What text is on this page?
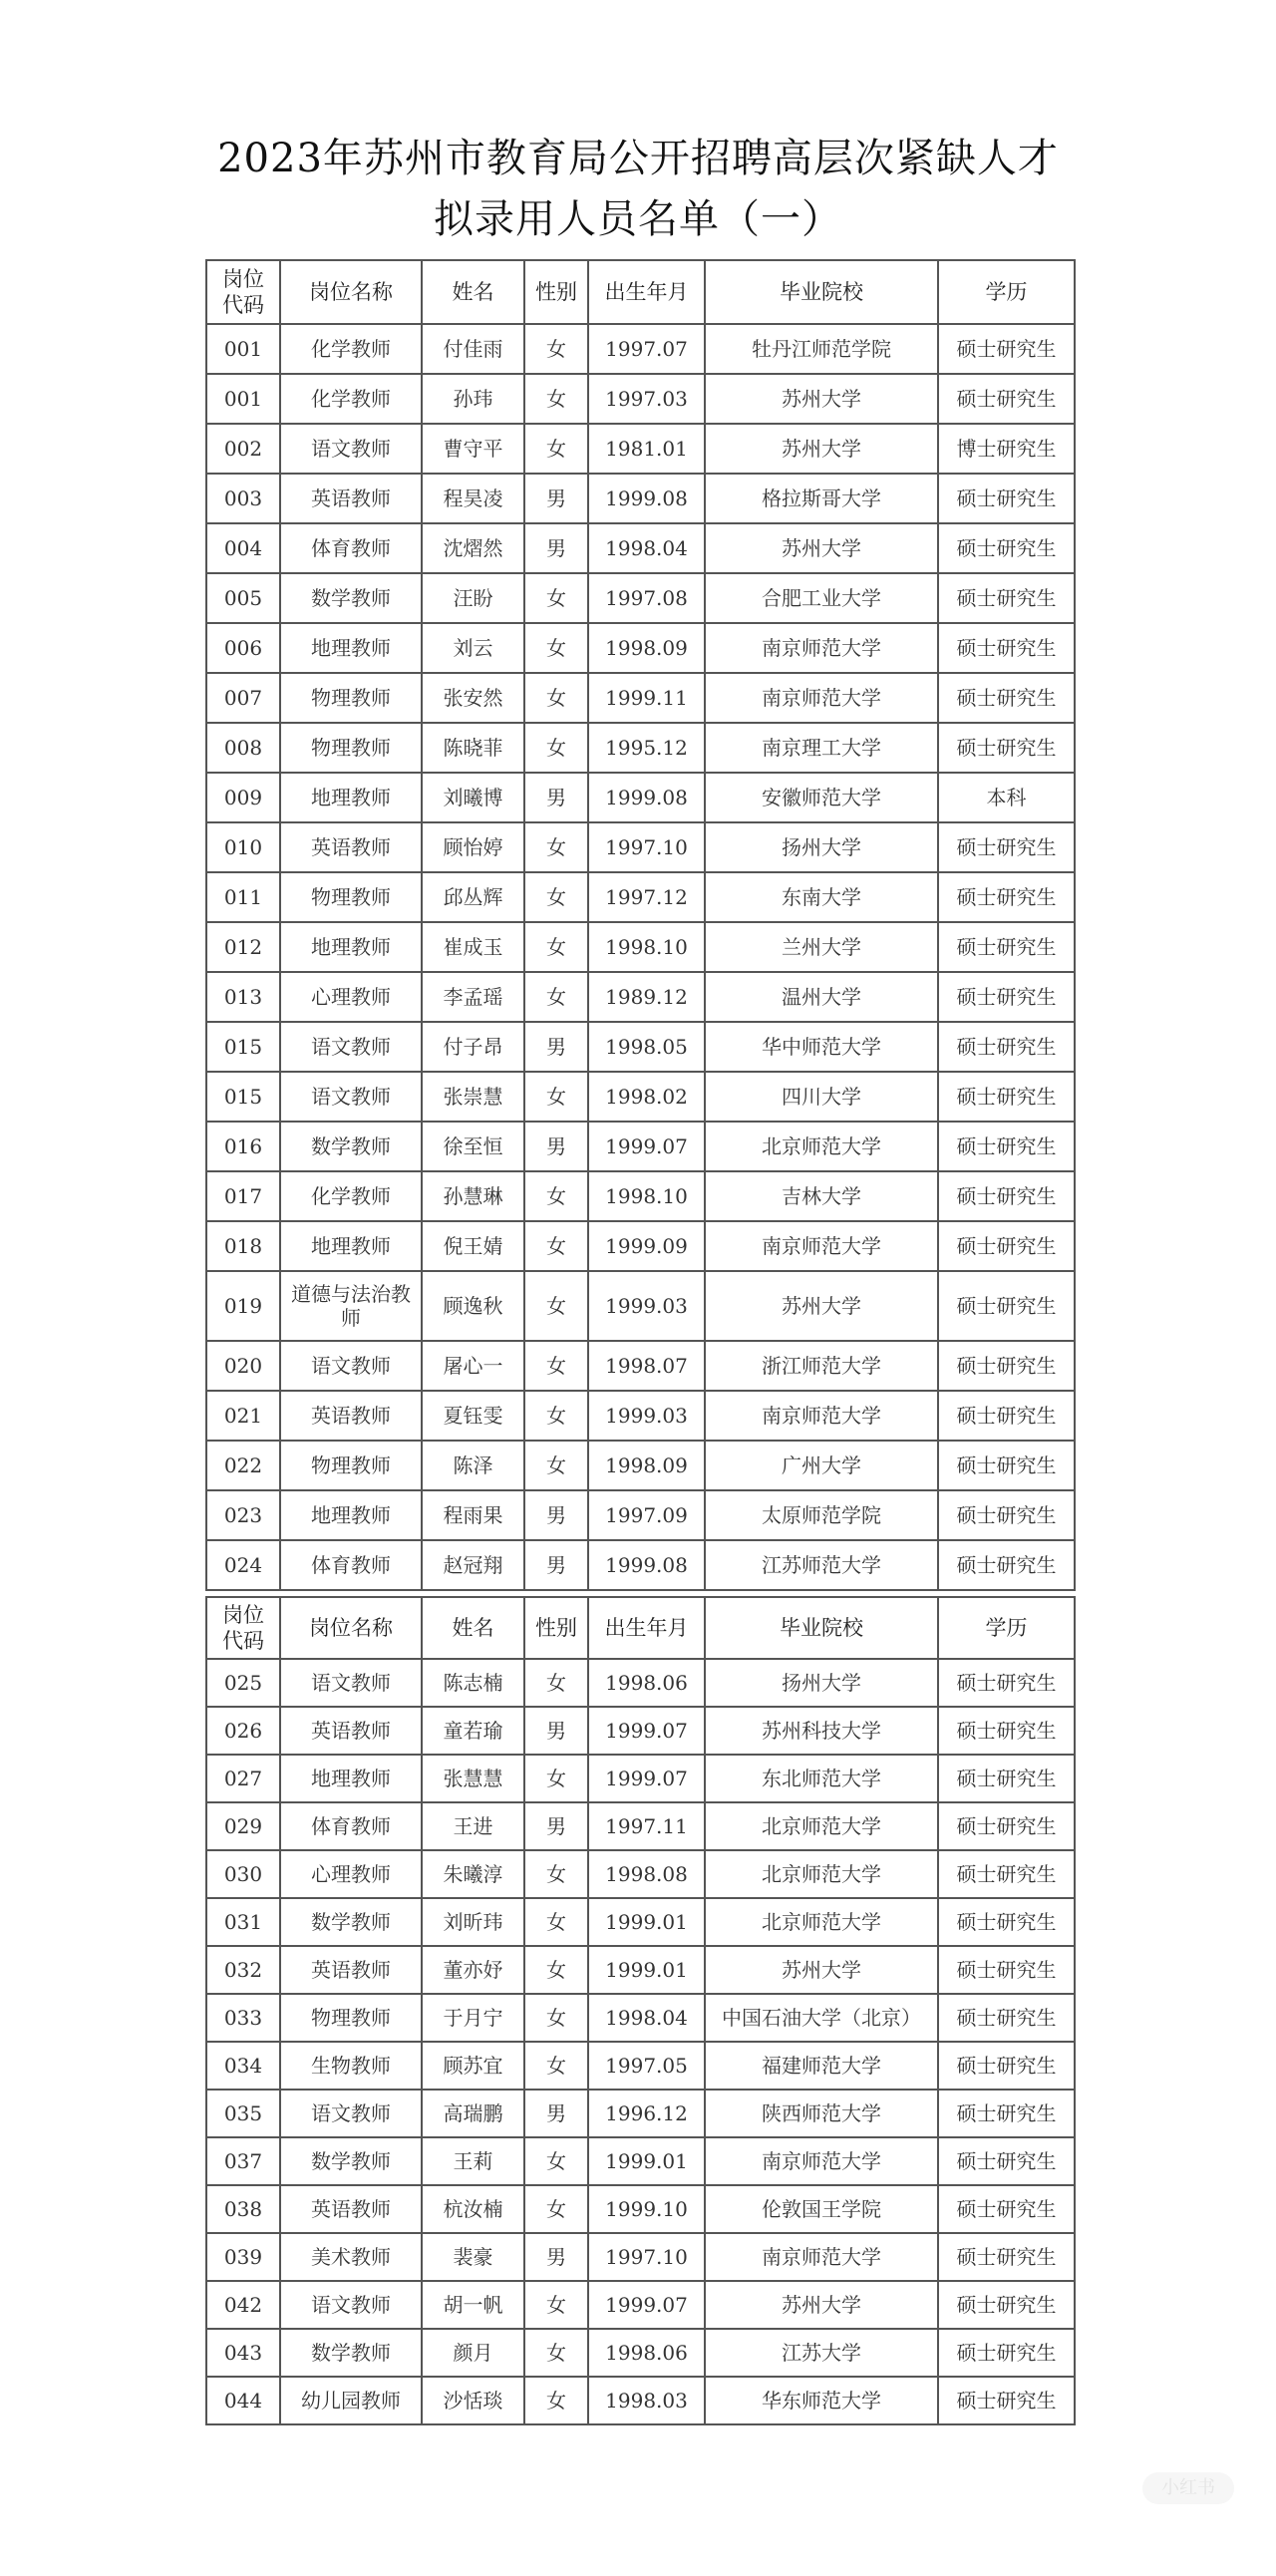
2023年苏州市教育局公开招聘高层次紧缺人才
拟录用人员名单（一）
岗位代码	岗位名称	姓名	性别	出生年月	毕业院校	学历
001	化学教师	付佳雨	女	1997.07	牡丹江师范学院	硕士研究生
001	化学教师	孙玮	女	1997.03	苏州大学	硕士研究生
002	语文教师	曹守平	女	1981.01	苏州大学	博士研究生
003	英语教师	程昊凌	男	1999.08	格拉斯哥大学	硕士研究生
004	体育教师	沈熠然	男	1998.04	苏州大学	硕士研究生
005	数学教师	汪盼	女	1997.08	合肥工业大学	硕士研究生
006	地理教师	刘云	女	1998.09	南京师范大学	硕士研究生
007	物理教师	张安然	女	1999.11	南京师范大学	硕士研究生
008	物理教师	陈晓菲	女	1995.12	南京理工大学	硕士研究生
009	地理教师	刘曦博	男	1999.08	安徽师范大学	本科
010	英语教师	顾怡婷	女	1997.10	扬州大学	硕士研究生
011	物理教师	邱丛辉	女	1997.12	东南大学	硕士研究生
012	地理教师	崔成玉	女	1998.10	兰州大学	硕士研究生
013	心理教师	李孟瑶	女	1989.12	温州大学	硕士研究生
015	语文教师	付子昂	男	1998.05	华中师范大学	硕士研究生
015	语文教师	张崇慧	女	1998.02	四川大学	硕士研究生
016	数学教师	徐至恒	男	1999.07	北京师范大学	硕士研究生
017	化学教师	孙慧琳	女	1998.10	吉林大学	硕士研究生
018	地理教师	倪王婧	女	1999.09	南京师范大学	硕士研究生
019	道德与法治教师	顾逸秋	女	1999.03	苏州大学	硕士研究生
020	语文教师	屠心一	女	1998.07	浙江师范大学	硕士研究生
021	英语教师	夏钰雯	女	1999.03	南京师范大学	硕士研究生
022	物理教师	陈泽	女	1998.09	广州大学	硕士研究生
023	地理教师	程雨果	男	1997.09	太原师范学院	硕士研究生
024	体育教师	赵冠翔	男	1999.08	江苏师范大学	硕士研究生
岗位代码	岗位名称	姓名	性别	出生年月	毕业院校	学历
025	语文教师	陈志楠	女	1998.06	扬州大学	硕士研究生
026	英语教师	童若瑜	男	1999.07	苏州科技大学	硕士研究生
027	地理教师	张慧慧	女	1999.07	东北师范大学	硕士研究生
029	体育教师	王进	男	1997.11	北京师范大学	硕士研究生
030	心理教师	朱曦淳	女	1998.08	北京师范大学	硕士研究生
031	数学教师	刘昕玮	女	1999.01	北京师范大学	硕士研究生
032	英语教师	董亦妤	女	1999.01	苏州大学	硕士研究生
033	物理教师	于月宁	女	1998.04	中国石油大学（北京）	硕士研究生
034	生物教师	顾苏宜	女	1997.05	福建师范大学	硕士研究生
035	语文教师	高瑞鹏	男	1996.12	陕西师范大学	硕士研究生
037	数学教师	王莉	女	1999.01	南京师范大学	硕士研究生
038	英语教师	杭汝楠	女	1999.10	伦敦国王学院	硕士研究生
039	美术教师	裴豪	男	1997.10	南京师范大学	硕士研究生
042	语文教师	胡一帆	女	1999.07	苏州大学	硕士研究生
043	数学教师	颜月	女	1998.06	江苏大学	硕士研究生
044	幼儿园教师	沙恬琰	女	1998.03	华东师范大学	硕士研究生
小红书
